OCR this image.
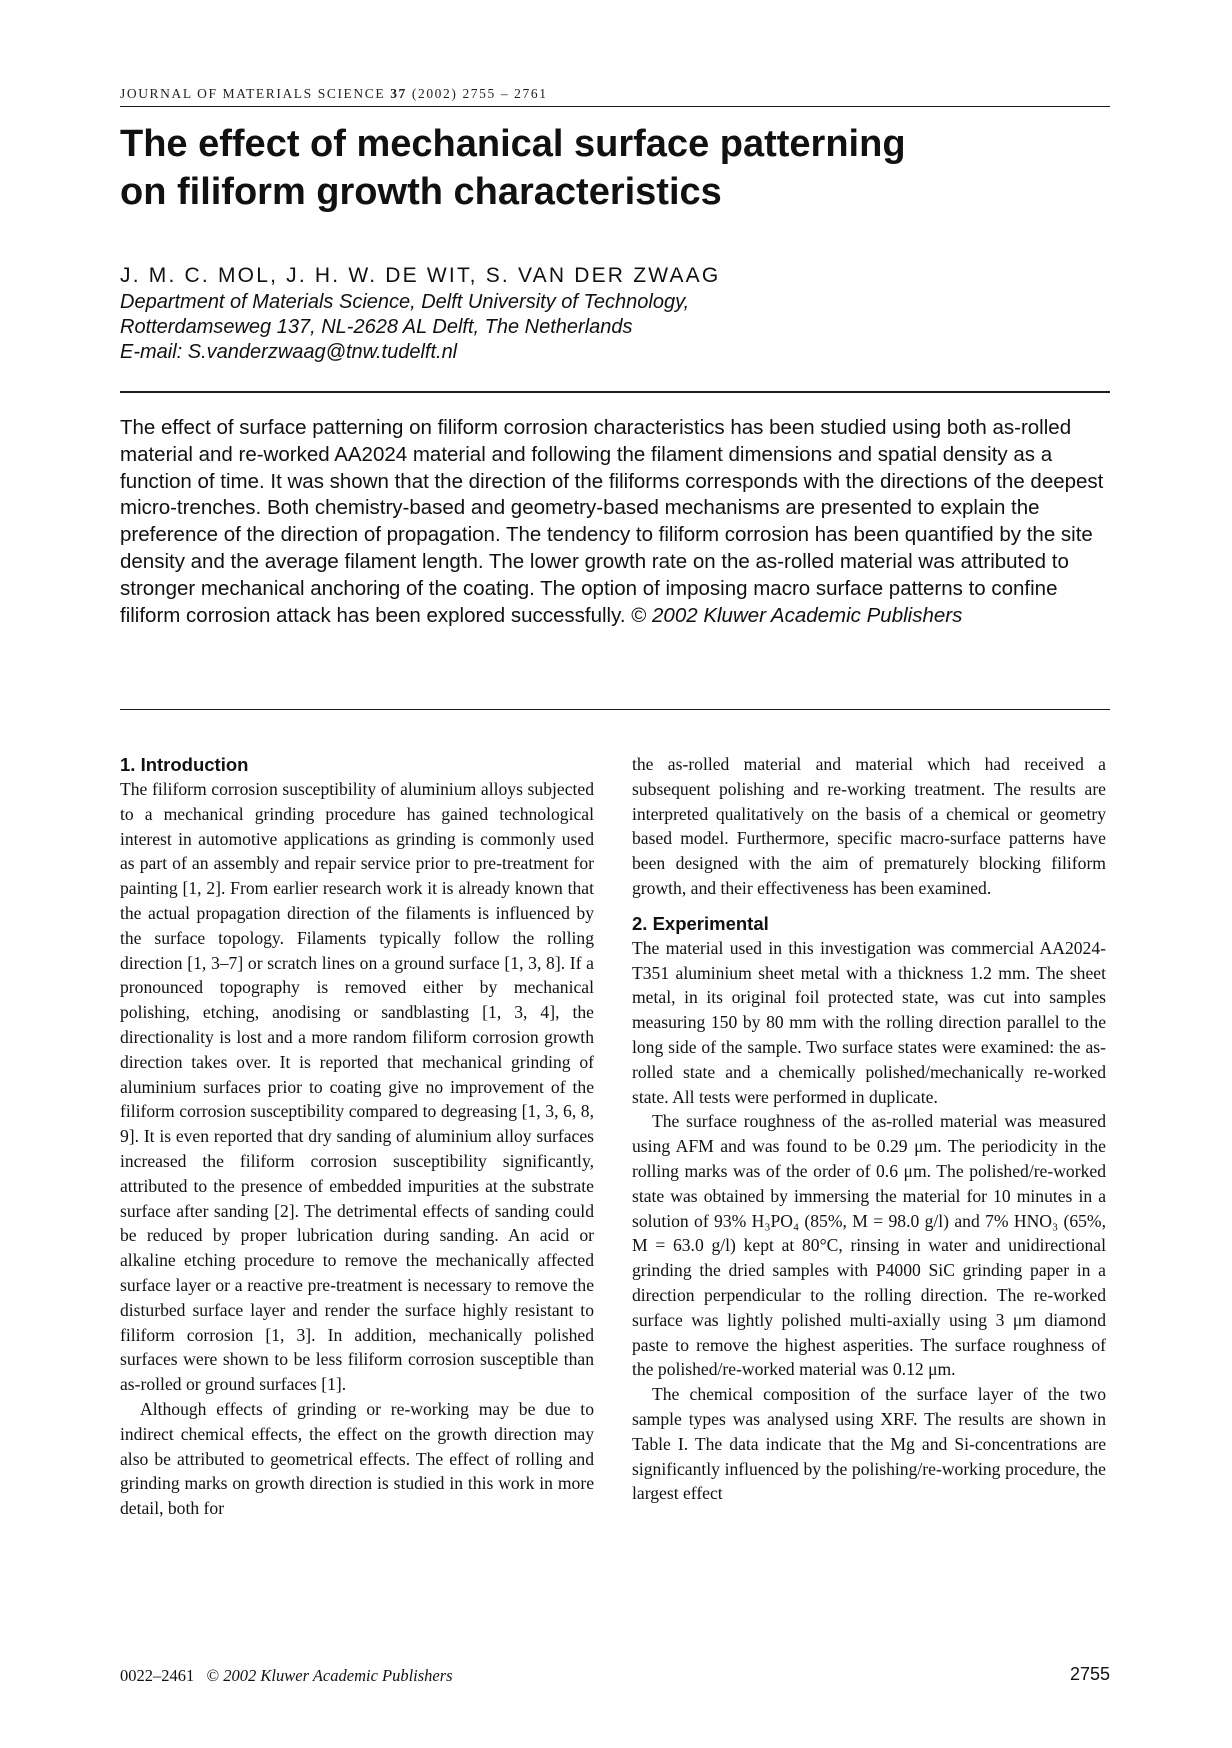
JOURNAL OF MATERIALS SCIENCE 37 (2002) 2755 – 2761
The effect of mechanical surface patterning
on filiform growth characteristics
J. M. C. MOL, J. H. W. DE WIT, S. VAN DER ZWAAG
Department of Materials Science, Delft University of Technology,
Rotterdamseweg 137, NL-2628 AL Delft, The Netherlands
E-mail: S.vanderzwaag@tnw.tudelft.nl
The effect of surface patterning on filiform corrosion characteristics has been studied using both as-rolled material and re-worked AA2024 material and following the filament dimensions and spatial density as a function of time. It was shown that the direction of the filiforms corresponds with the directions of the deepest micro-trenches. Both chemistry-based and geometry-based mechanisms are presented to explain the preference of the direction of propagation. The tendency to filiform corrosion has been quantified by the site density and the average filament length. The lower growth rate on the as-rolled material was attributed to stronger mechanical anchoring of the coating. The option of imposing macro surface patterns to confine filiform corrosion attack has been explored successfully. © 2002 Kluwer Academic Publishers
1. Introduction

The filiform corrosion susceptibility of aluminium alloys subjected to a mechanical grinding procedure has gained technological interest in automotive applications as grinding is commonly used as part of an assembly and repair service prior to pre-treatment for painting [1, 2]. From earlier research work it is already known that the actual propagation direction of the filaments is influenced by the surface topology. Filaments typically follow the rolling direction [1, 3–7] or scratch lines on a ground surface [1, 3, 8]. If a pronounced topography is removed either by mechanical polishing, etching, anodising or sandblasting [1, 3, 4], the directionality is lost and a more random filiform corrosion growth direction takes over. It is reported that mechanical grinding of aluminium surfaces prior to coating give no improvement of the filiform corrosion susceptibility compared to degreasing [1, 3, 6, 8, 9]. It is even reported that dry sanding of aluminium alloy surfaces increased the filiform corrosion susceptibility significantly, attributed to the presence of embedded impurities at the substrate surface after sanding [2]. The detrimental effects of sanding could be reduced by proper lubrication during sanding. An acid or alkaline etching procedure to remove the mechanically affected surface layer or a reactive pre-treatment is necessary to remove the disturbed surface layer and render the surface highly resistant to filiform corrosion [1, 3]. In addition, mechanically polished surfaces were shown to be less filiform corrosion susceptible than as-rolled or ground surfaces [1].

Although effects of grinding or re-working may be due to indirect chemical effects, the effect on the growth direction may also be attributed to geometrical effects. The effect of rolling and grinding marks on growth direction is studied in this work in more detail, both for

the as-rolled material and material which had received a subsequent polishing and re-working treatment. The results are interpreted qualitatively on the basis of a chemical or geometry based model. Furthermore, specific macro-surface patterns have been designed with the aim of prematurely blocking filiform growth, and their effectiveness has been examined.

2. Experimental

The material used in this investigation was commercial AA2024-T351 aluminium sheet metal with a thickness 1.2 mm. The sheet metal, in its original foil protected state, was cut into samples measuring 150 by 80 mm with the rolling direction parallel to the long side of the sample. Two surface states were examined: the as-rolled state and a chemically polished/mechanically re-worked state. All tests were performed in duplicate.

The surface roughness of the as-rolled material was measured using AFM and was found to be 0.29 μm. The periodicity in the rolling marks was of the order of 0.6 μm. The polished/re-worked state was obtained by immersing the material for 10 minutes in a solution of 93% H₃PO₄ (85%, M = 98.0 g/l) and 7% HNO₃ (65%, M = 63.0 g/l) kept at 80°C, rinsing in water and unidirectional grinding the dried samples with P4000 SiC grinding paper in a direction perpendicular to the rolling direction. The re-worked surface was lightly polished multi-axially using 3 μm diamond paste to remove the highest asperities. The surface roughness of the polished/re-worked material was 0.12 μm.

The chemical composition of the surface layer of the two sample types was analysed using XRF. The results are shown in Table I. The data indicate that the Mg and Si-concentrations are significantly influenced by the polishing/re-working procedure, the largest effect

0022–2461 © 2002 Kluwer Academic Publishers	2755
